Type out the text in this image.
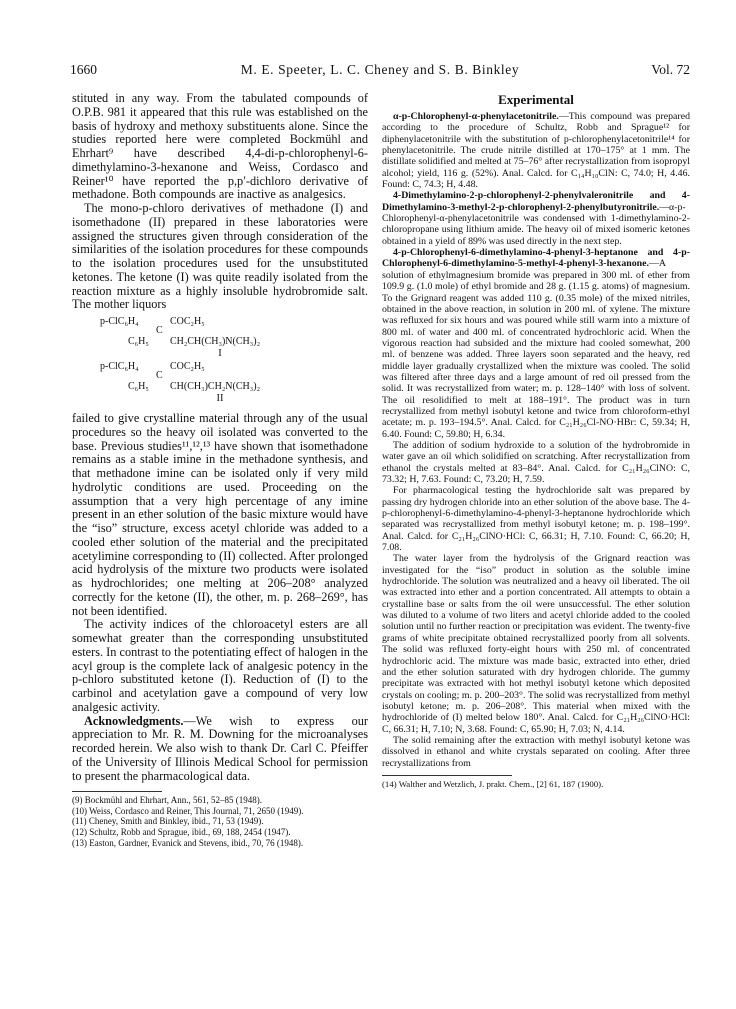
1660	M. E. Speeter, L. C. Cheney and S. B. Binkley	Vol. 72

stituted in any way. From the tabulated compounds of O.P.B. 981 it appeared that this rule was established on the basis of hydroxy and methoxy substituents alone. Since the studies reported here were completed Bockmühl and Ehrhart⁹ have described 4,4-di-p-chlorophenyl-6-dimethylamino-3-hexanone and Weiss, Cordasco and Reiner¹⁰ have reported the p,p′-dichloro derivative of methadone. Both compounds are inactive as analgesics.

The mono-p-chloro derivatives of methadone (I) and isomethadone (II) prepared in these laboratories were assigned the structures given through consideration of the similarities of the isolation procedures for these compounds to the isolation procedures used for the unsubstituted ketones. The ketone (I) was quite readily isolated from the reaction mixture as a highly insoluble hydrobromide salt. The mother liquors

p-ClC₆H₄	COC₂H₅
C
C₆H₅ CH₂CH(CH₃)N(CH₃)₂
I
p-ClC₆H₄	COC₂H₅
C
C₆H₅ CH(CH₃)CH₂N(CH₃)₂
II

failed to give crystalline material through any of the usual procedures so the heavy oil isolated was converted to the base. Previous studies¹¹,¹²,¹³ have shown that isomethadone remains as a stable imine in the methadone synthesis, and that methadone imine can be isolated only if very mild hydrolytic conditions are used. Proceeding on the assumption that a very high percentage of any imine present in an ether solution of the basic mixture would have the “iso” structure, excess acetyl chloride was added to a cooled ether solution of the material and the precipitated acetylimine corresponding to (II) collected. After prolonged acid hydrolysis of the mixture two products were isolated as hydrochlorides; one melting at 206–208° analyzed correctly for the ketone (II), the other, m. p. 268–269°, has not been identified.

The activity indices of the chloroacetyl esters are all somewhat greater than the corresponding unsubstituted esters. In contrast to the potentiating effect of halogen in the acyl group is the complete lack of analgesic potency in the p-chloro substituted ketone (I). Reduction of (I) to the carbinol and acetylation gave a compound of very low analgesic activity.

Acknowledgments.—We wish to express our appreciation to Mr. R. M. Downing for the microanalyses recorded herein. We also wish to thank Dr. Carl C. Pfeiffer of the University of Illinois Medical School for permission to present the pharmacological data.

(9) Bockmühl and Ehrhart, Ann., 561, 52–85 (1948).
(10) Weiss, Cordasco and Reiner, This Journal, 71, 2650 (1949).
(11) Cheney, Smith and Binkley, ibid., 71, 53 (1949).
(12) Schultz, Robb and Sprague, ibid., 69, 188, 2454 (1947).
(13) Easton, Gardner, Evanick and Stevens, ibid., 70, 76 (1948).
Experimental

α-p-Chlorophenyl-α-phenylacetonitrile.—This compound was prepared according to the procedure of Schultz, Robb and Sprague¹² for diphenylacetonitrile with the substitution of p-chlorophenylacetonitrile¹⁴ for phenylacetonitrile. The crude nitrile distilled at 170–175° at 1 mm. The distillate solidified and melted at 75–76° after recrystallization from isopropyl alcohol; yield, 116 g. (52%). Anal. Calcd. for C₁₄H₁₀ClN: C, 74.0; H, 4.46. Found: C, 74.3; H, 4.48.

4-Dimethylamino-2-p-chlorophenyl-2-phenylvaleronitrile and 4-Dimethylamino-3-methyl-2-p-chlorophenyl-2-phenylbutyronitrile.—α-p-Chlorophenyl-α-phenylacetonitrile was condensed with 1-dimethylamino-2-chloropropane using lithium amide. The heavy oil of mixed isomeric ketones obtained in a yield of 89% was used directly in the next step.

4-p-Chlorophenyl-6-dimethylamino-4-phenyl-3-heptanone and 4-p-Chlorophenyl-6-dimethylamino-5-methyl-4-phenyl-3-hexanone.—A solution of ethylmagnesium bromide was prepared in 300 ml. of ether from 109.9 g. (1.0 mole) of ethyl bromide and 28 g. (1.15 g. atoms) of magnesium. To the Grignard reagent was added 110 g. (0.35 mole) of the mixed nitriles, obtained in the above reaction, in solution in 200 ml. of xylene. The mixture was refluxed for six hours and was poured while still warm into a mixture of 800 ml. of water and 400 ml. of concentrated hydrochloric acid. When the vigorous reaction had subsided and the mixture had cooled somewhat, 200 ml. of benzene was added. Three layers soon separated and the heavy, red middle layer gradually crystallized when the mixture was cooled. The solid was filtered after three days and a large amount of red oil pressed from the solid. It was recrystallized from water; m. p. 128–140° with loss of solvent. The oil resolidified to melt at 188–191°. The product was in turn recrystallized from methyl isobutyl ketone and twice from chloroform-ethyl acetate; m. p. 193–194.5°. Anal. Calcd. for C₂₁H₂₆Cl-NO·HBr: C, 59.34; H, 6.40. Found: C, 59.80; H, 6.34.

The addition of sodium hydroxide to a solution of the hydrobromide in water gave an oil which solidified on scratching. After recrystallization from ethanol the crystals melted at 83–84°. Anal. Calcd. for C₂₁H₂₆ClNO: C, 73.32; H, 7.63. Found: C, 73.20; H, 7.59.

For pharmacological testing the hydrochloride salt was prepared by passing dry hydrogen chloride into an ether solution of the above base. The 4-p-chlorophenyl-6-dimethylamino-4-phenyl-3-heptanone hydrochloride which separated was recrystallized from methyl isobutyl ketone; m. p. 198–199°. Anal. Calcd. for C₂₁H₂₆ClNO·HCl: C, 66.31; H, 7.10. Found: C, 66.20; H, 7.08.

The water layer from the hydrolysis of the Grignard reaction was investigated for the “iso” product in solution as the soluble imine hydrochloride. The solution was neutralized and a heavy oil liberated. The oil was extracted into ether and a portion concentrated. All attempts to obtain a crystalline base or salts from the oil were unsuccessful. The ether solution was diluted to a volume of two liters and acetyl chloride added to the cooled solution until no further reaction or precipitation was evident. The twenty-five grams of white precipitate obtained recrystallized poorly from all solvents. The solid was refluxed forty-eight hours with 250 ml. of concentrated hydrochloric acid. The mixture was made basic, extracted into ether, dried and the ether solution saturated with dry hydrogen chloride. The gummy precipitate was extracted with hot methyl isobutyl ketone which deposited crystals on cooling; m. p. 200–203°. The solid was recrystallized from methyl isobutyl ketone; m. p. 206–208°. This material when mixed with the hydrochloride of (I) melted below 180°. Anal. Calcd. for C₂₁H₂₆ClNO·HCl: C, 66.31; H, 7.10; N, 3.68. Found: C, 65.90; H, 7.03; N, 4.14.

The solid remaining after the extraction with methyl isobutyl ketone was dissolved in ethanol and white crystals separated on cooling. After three recrystallizations from

(14) Walther and Wetzlich, J. prakt. Chem., [2] 61, 187 (1900).
